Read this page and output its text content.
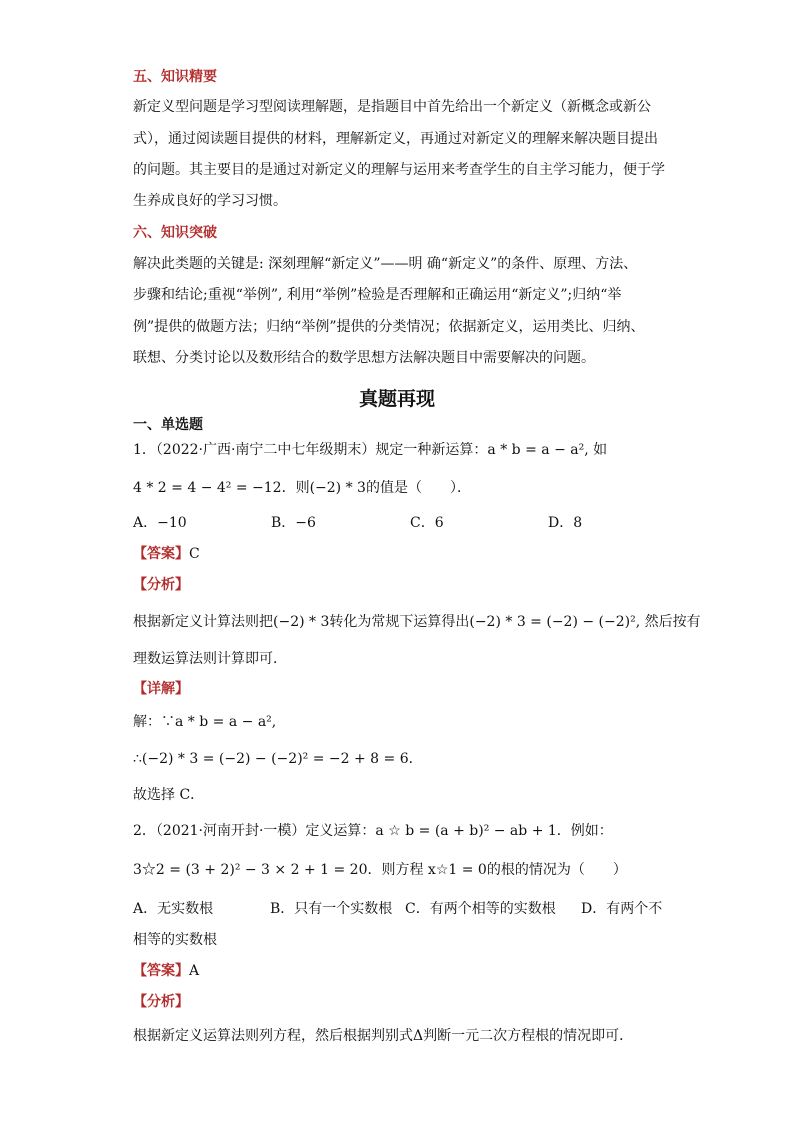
五、知识精要
新定义型问题是学习型阅读理解题，是指题目中首先给出一个新定义（新概念或新公
式），通过阅读题目提供的材料，理解新定义，再通过对新定义的理解来解决题目提出
的问题。其主要目的是通过对新定义的理解与运用来考查学生的自主学习能力，便于学
生养成良好的学习习惯。
六、知识突破
解决此类题的关键是: 深刻理解“新定义”——明 确“新定义”的条件、原理、方法、
步骤和结论;重视“举例”, 利用“举例”检验是否理解和正确运用“新定义”;归纳“举
例”提供的做题方法；归纳“举例”提供的分类情况；依据新定义，运用类比、归纳、
联想、分类讨论以及数形结合的数学思想方法解决题目中需要解决的问题。
真题再现
一、单选题
1．（2022·广西·南宁二中七年级期末）规定一种新运算：a * b = a − a², 如
4 * 2 = 4 − 4² = −12．则(−2) * 3的值是（　　）．
A．−10	B．−6	C．6	D．8
【答案】C
【分析】
根据新定义计算法则把(−2) * 3转化为常规下运算得出(−2) * 3 = (−2) − (−2)², 然后按有
理数运算法则计算即可．
【详解】
解：∵a * b = a − a²,
∴(−2) * 3 = (−2) − (−2)² = −2 + 8 = 6．
故选择 C．
2．（2021·河南开封·一模）定义运算：a ☆ b = (a + b)² − ab + 1．例如：
3☆2 = (3 + 2)² − 3 × 2 + 1 = 20．则方程 x☆1 = 0的根的情况为（　　）
A．无实数根	B．只有一个实数根 C．有两个相等的实数根 D．有两个不
相等的实数根
【答案】A
【分析】
根据新定义运算法则列方程，然后根据判别式Δ判断一元二次方程根的情况即可．
